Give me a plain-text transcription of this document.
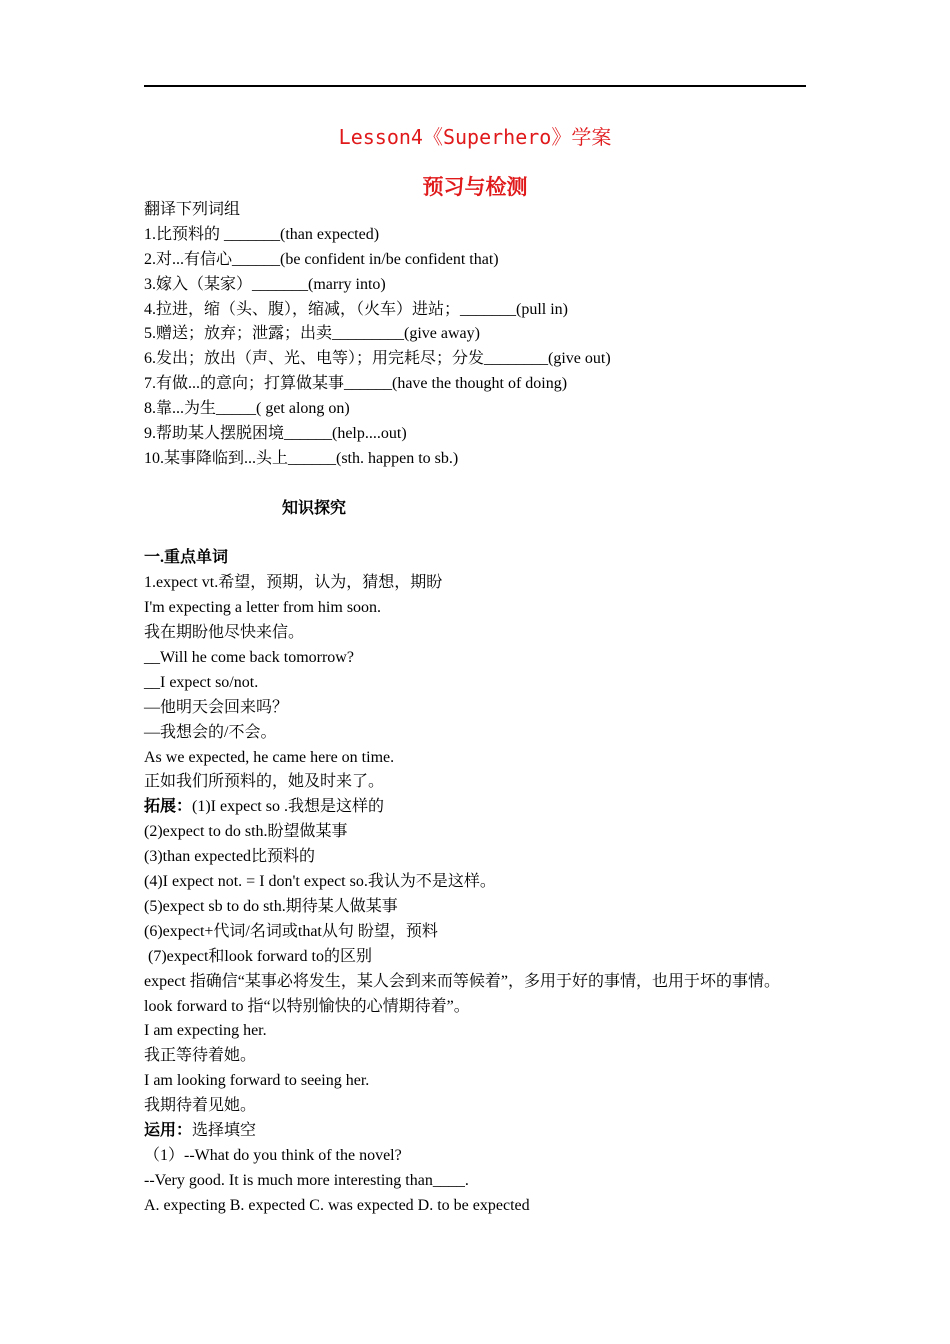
Lesson4《Superhero》学案
预习与检测
翻译下列词组
1.比预料的 _______(than expected)
2.对...有信心______(be confident in/be confident that)
3.嫁入（某家）_______(marry into)
4.拉进，缩（头、腹），缩减，（火车）进站；_______(pull in)
5.赠送；放弃；泄露；出卖_________(give away)
6.发出；放出（声、光、电等）；用完耗尽；分发________(give out)
7.有做...的意向；打算做某事______(have the thought of doing)
8.靠...为生_____( get along on)
9.帮助某人摆脱困境______(help....out)
10.某事降临到...头上______(sth. happen to sb.)
知识探究
一.重点单词
1.expect vt.希望，预期，认为，猜想，期盼
I'm expecting a letter from him soon.
我在期盼他尽快来信。
__Will he come back tomorrow?
__I expect so/not.
—他明天会回来吗？
—我想会的/不会。
As we expected, he came here on time.
正如我们所预料的，她及时来了。
拓展：(1)I expect so .我想是这样的
(2)expect to do sth.盼望做某事
(3)than expected比预料的
(4)I expect not. = I don't expect so.我认为不是这样。
(5)expect sb to do sth.期待某人做某事
(6)expect+代词/名词或that从句 盼望，预料
(7)expect和look forward to的区别
expect 指确信“某事必将发生，某人会到来而等候着”，多用于好的事情，也用于坏的事情。
look forward to 指“以特别愉快的心情期待着”。
I am expecting her.
我正等待着她。
I am looking forward to seeing her.
我期待着见她。
运用：选择填空
（1）--What do you think of the novel?
--Very good. It is much more interesting than____.
A. expecting B. expected C. was expected D. to be expected
